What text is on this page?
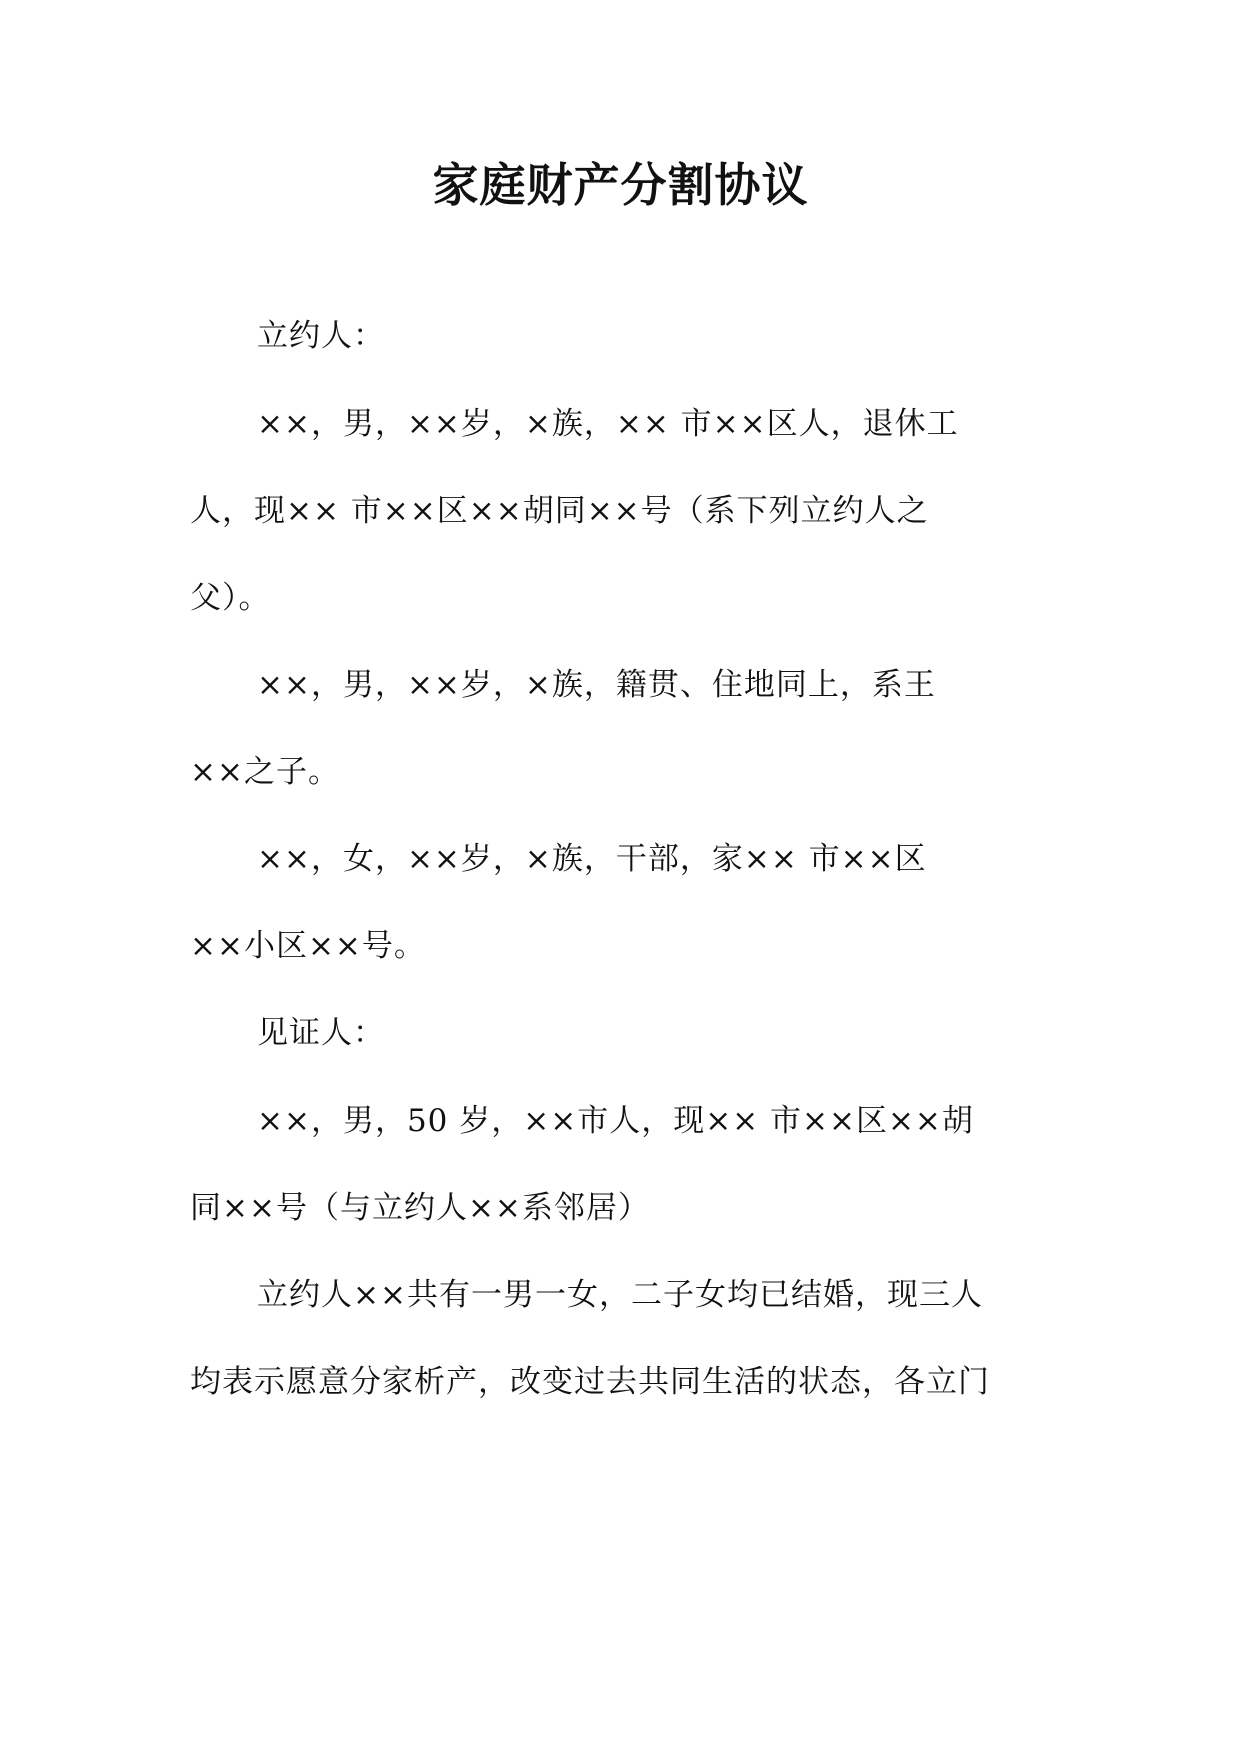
家庭财产分割协议
立约人：
××，男，××岁，×族，×× 市××区人，退休工
人，现×× 市××区××胡同××号（系下列立约人之
父）。
××，男，××岁，×族，籍贯、住地同上，系王
××之子。
××，女，××岁，×族，干部，家×× 市××区
××小区××号。
见证人：
××，男，50 岁，××市人，现×× 市××区××胡
同××号（与立约人××系邻居）
立约人××共有一男一女，二子女均已结婚，现三人
均表示愿意分家析产，改变过去共同生活的状态，各立门
